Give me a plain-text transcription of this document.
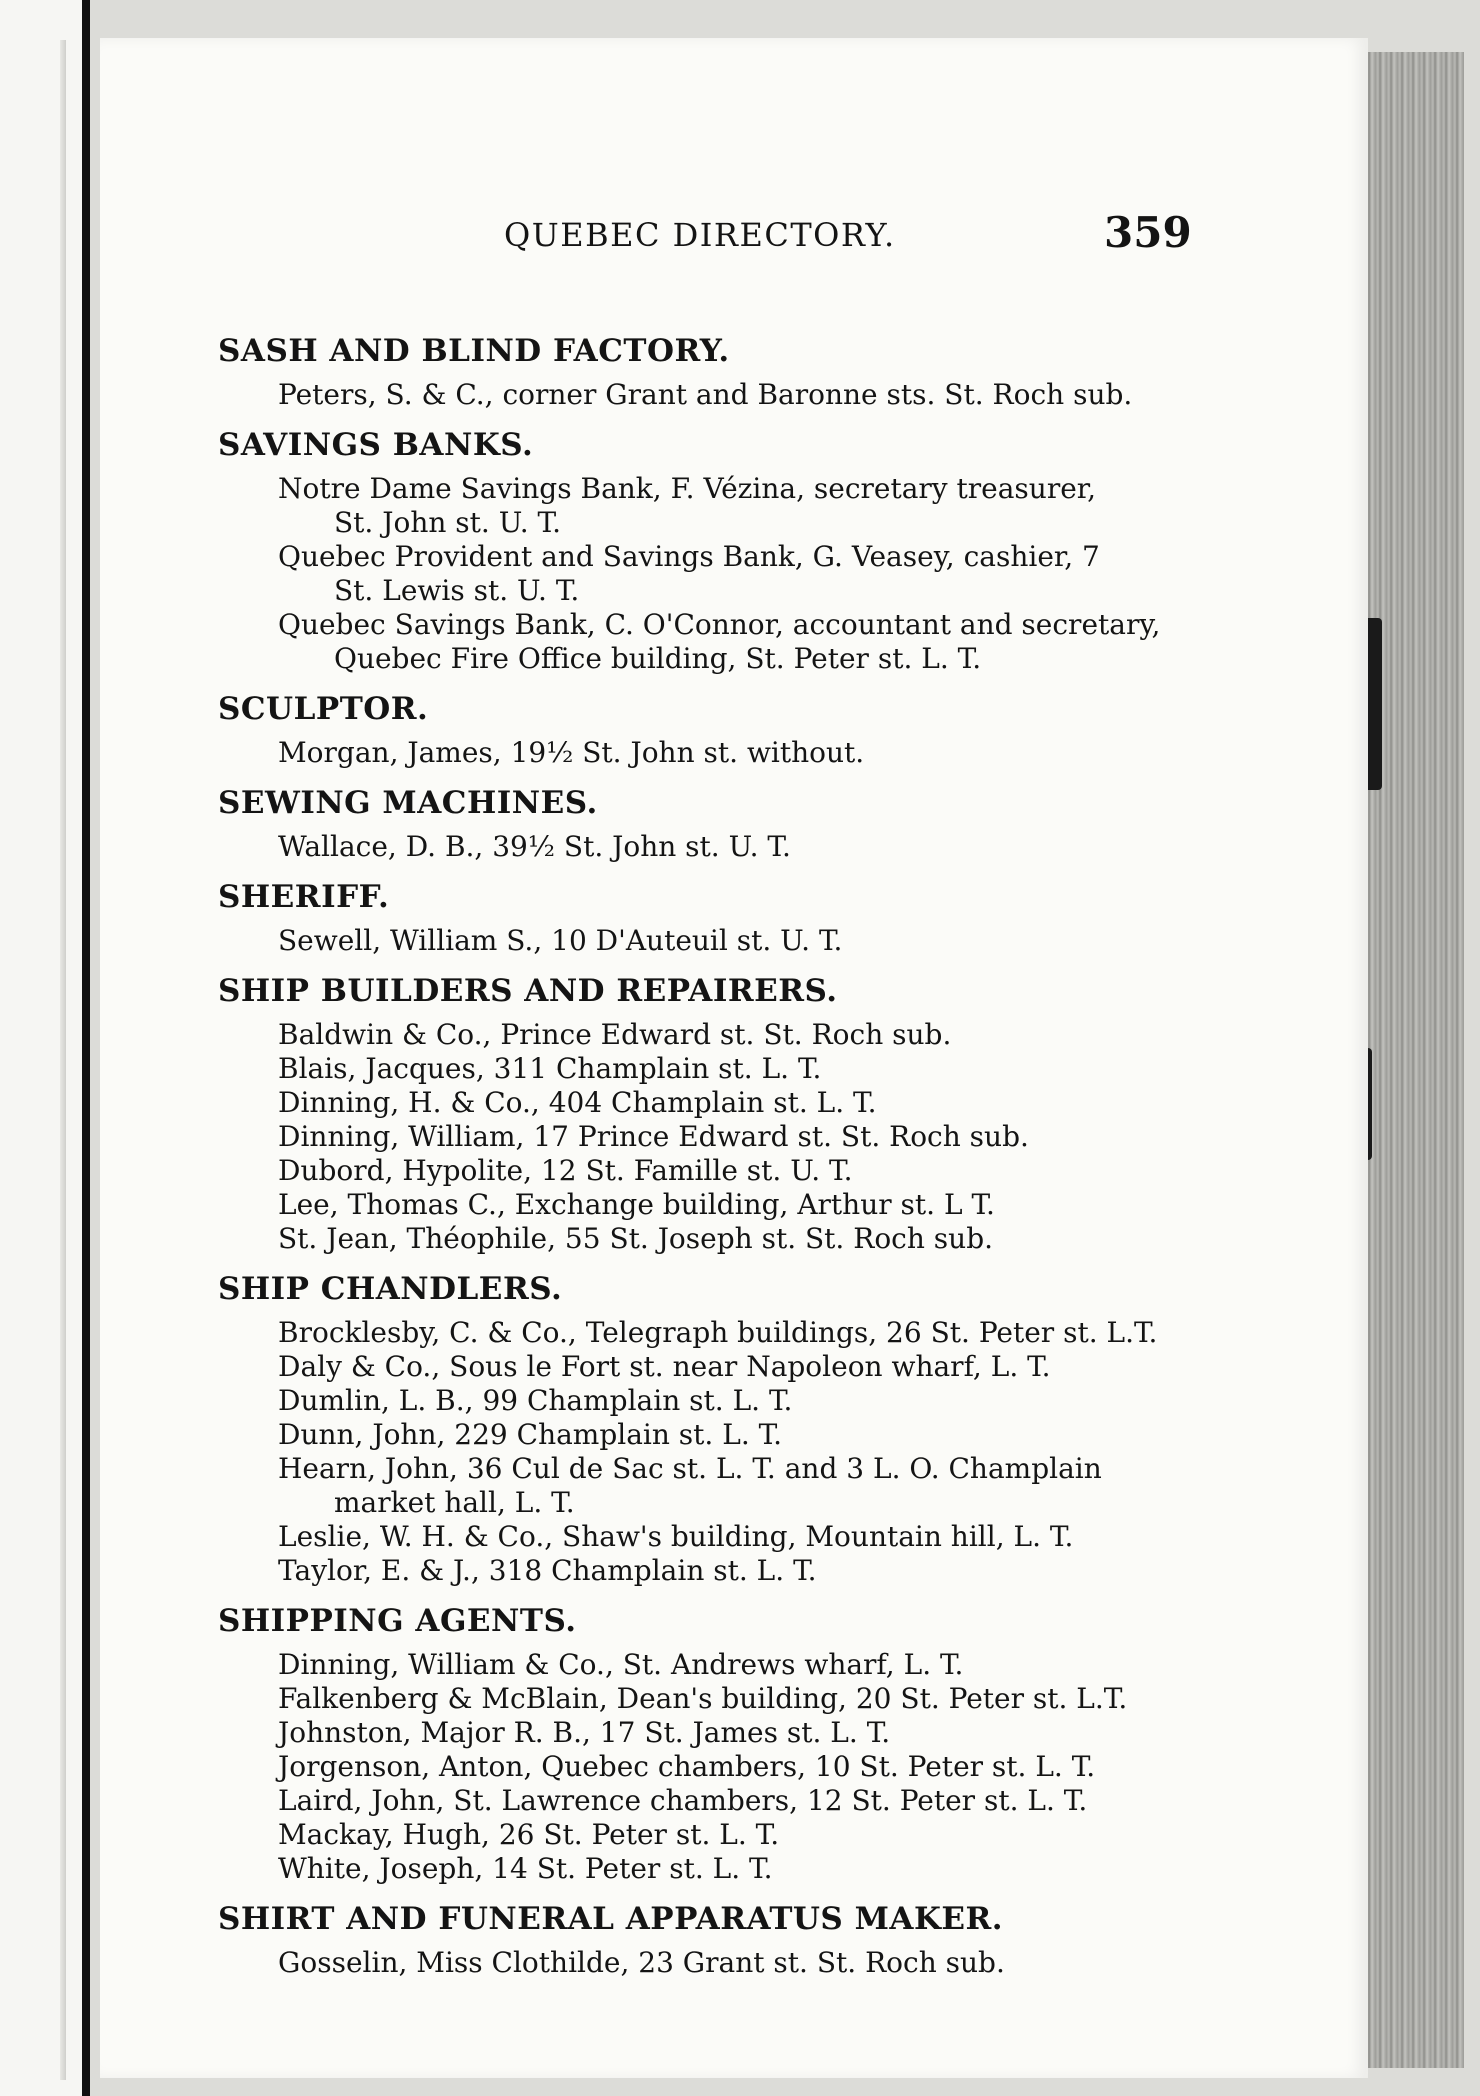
QUEBEC DIRECTORY.	359
SASH AND BLIND FACTORY.
Peters, S. & C., corner Grant and Baronne sts. St. Roch sub.
SAVINGS BANKS.
Notre Dame Savings Bank, F. Vézina, secretary treasurer,
St. John st. U. T.
Quebec Provident and Savings Bank, G. Veasey, cashier, 7
St. Lewis st. U. T.
Quebec Savings Bank, C. O'Connor, accountant and secretary,
Quebec Fire Office building, St. Peter st. L. T.
SCULPTOR.
Morgan, James, 19½ St. John st. without.
SEWING MACHINES.
Wallace, D. B., 39½ St. John st. U. T.
SHERIFF.
Sewell, William S., 10 D'Auteuil st. U. T.
SHIP BUILDERS AND REPAIRERS.
Baldwin & Co., Prince Edward st. St. Roch sub.
Blais, Jacques, 311 Champlain st. L. T.
Dinning, H. & Co., 404 Champlain st. L. T.
Dinning, William, 17 Prince Edward st. St. Roch sub.
Dubord, Hypolite, 12 St. Famille st. U. T.
Lee, Thomas C., Exchange building, Arthur st. L T.
St. Jean, Théophile, 55 St. Joseph st. St. Roch sub.
SHIP CHANDLERS.
Brocklesby, C. & Co., Telegraph buildings, 26 St. Peter st. L.T.
Daly & Co., Sous le Fort st. near Napoleon wharf, L. T.
Dumlin, L. B., 99 Champlain st. L. T.
Dunn, John, 229 Champlain st. L. T.
Hearn, John, 36 Cul de Sac st. L. T. and 3 L. O. Champlain
market hall, L. T.
Leslie, W. H. & Co., Shaw's building, Mountain hill, L. T.
Taylor, E. & J., 318 Champlain st. L. T.
SHIPPING AGENTS.
Dinning, William & Co., St. Andrews wharf, L. T.
Falkenberg & McBlain, Dean's building, 20 St. Peter st. L.T.
Johnston, Major R. B., 17 St. James st. L. T.
Jorgenson, Anton, Quebec chambers, 10 St. Peter st. L. T.
Laird, John, St. Lawrence chambers, 12 St. Peter st. L. T.
Mackay, Hugh, 26 St. Peter st. L. T.
White, Joseph, 14 St. Peter st. L. T.
SHIRT AND FUNERAL APPARATUS MAKER.
Gosselin, Miss Clothilde, 23 Grant st. St. Roch sub.
